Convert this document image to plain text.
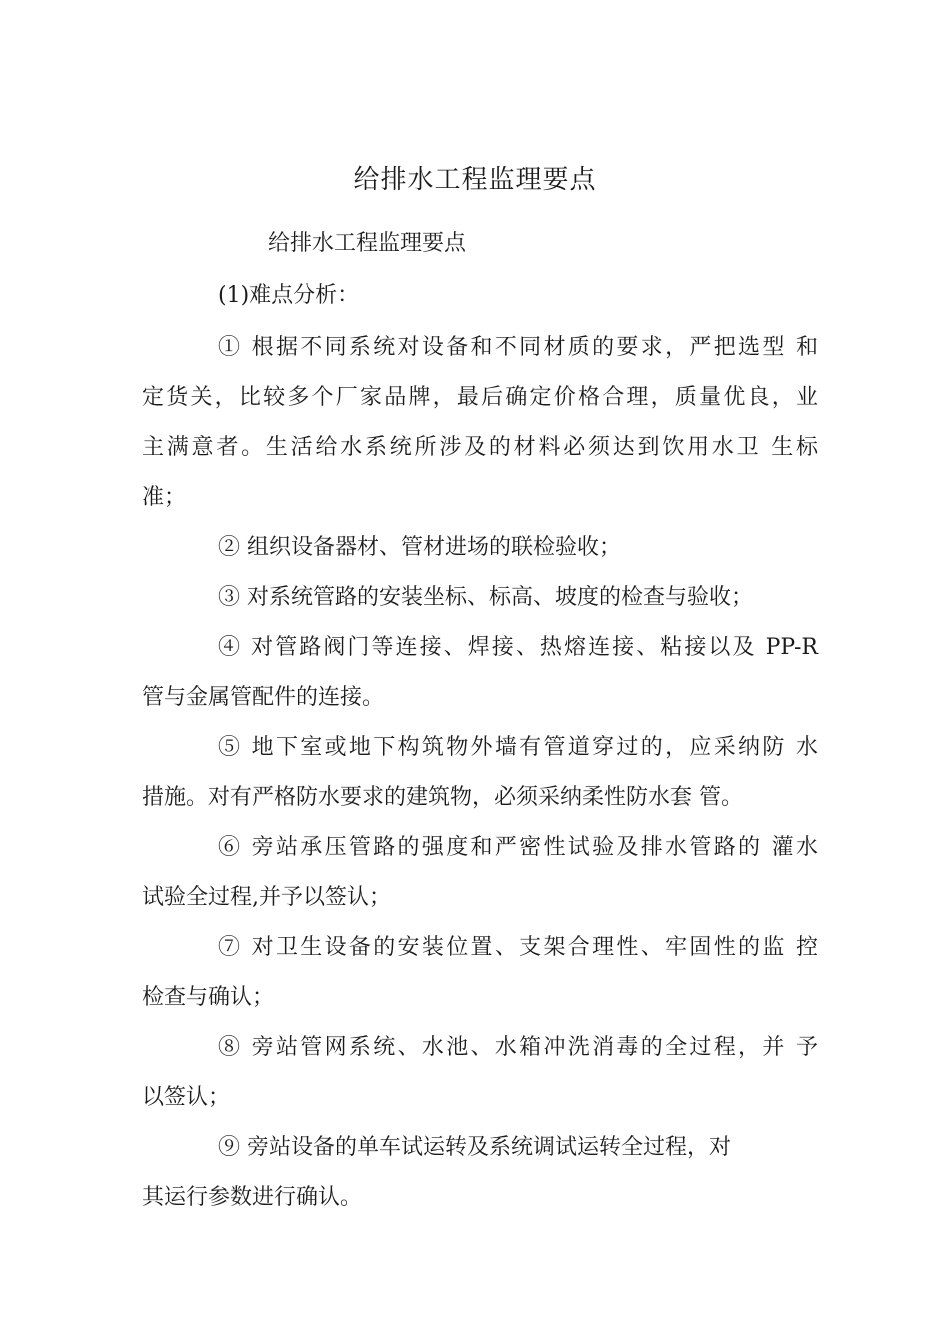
给排水工程监理要点
给排水工程监理要点
(1)难点分析：
① 根据不同系统对设备和不同材质的要求，严把选型 和
定货关，比较多个厂家品牌，最后确定价格合理，质量优良，业
主满意者。生活给水系统所涉及的材料必须达到饮用水卫 生标
准；
② 组织设备器材、管材进场的联检验收；
③ 对系统管路的安装坐标、标高、坡度的检查与验收；
④ 对管路阀门等连接、焊接、热熔连接、粘接以及 PP-R
管与金属管配件的连接。
⑤ 地下室或地下构筑物外墙有管道穿过的，应采纳防 水
措施。对有严格防水要求的建筑物，必须采纳柔性防水套 管。
⑥ 旁站承压管路的强度和严密性试验及排水管路的 灌水
试验全过程,并予以签认；
⑦ 对卫生设备的安装位置、支架合理性、牢固性的监 控
检查与确认；
⑧ 旁站管网系统、水池、水箱冲洗消毒的全过程，并 予
以签认；
⑨ 旁站设备的单车试运转及系统调试运转全过程，对
其运行参数进行确认。
